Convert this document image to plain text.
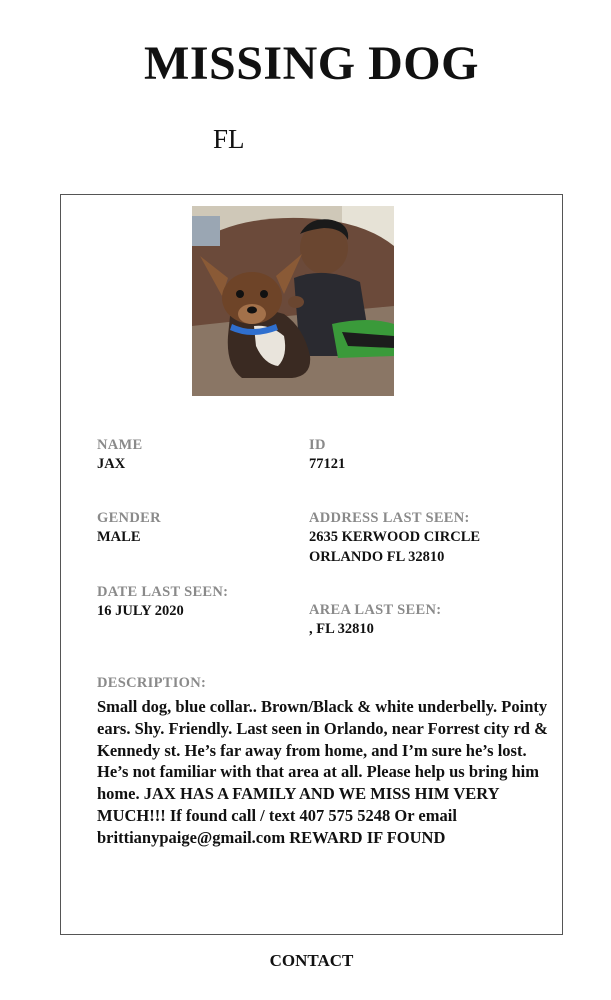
MISSING DOG
FL
NAME
JAX
ID
77121
GENDER
MALE
ADDRESS LAST SEEN:
2635 KERWOOD CIRCLE
ORLANDO FL 32810
DATE LAST SEEN:
16 JULY 2020	AREA LAST SEEN:
, FL 32810
DESCRIPTION:
Small dog, blue collar.. Brown/Black & white underbelly. Pointy ears. Shy. Friendly. Last seen in Orlando, near Forrest city rd & Kennedy st. He’s far away from home, and I’m sure he’s lost. He’s not familiar with that area at all. Please help us bring him home. JAX HAS A FAMILY AND WE MISS HIM VERY MUCH!!! If found call / text 407 575 5248 Or email brittianypaige@gmail.com REWARD IF FOUND
CONTACT
